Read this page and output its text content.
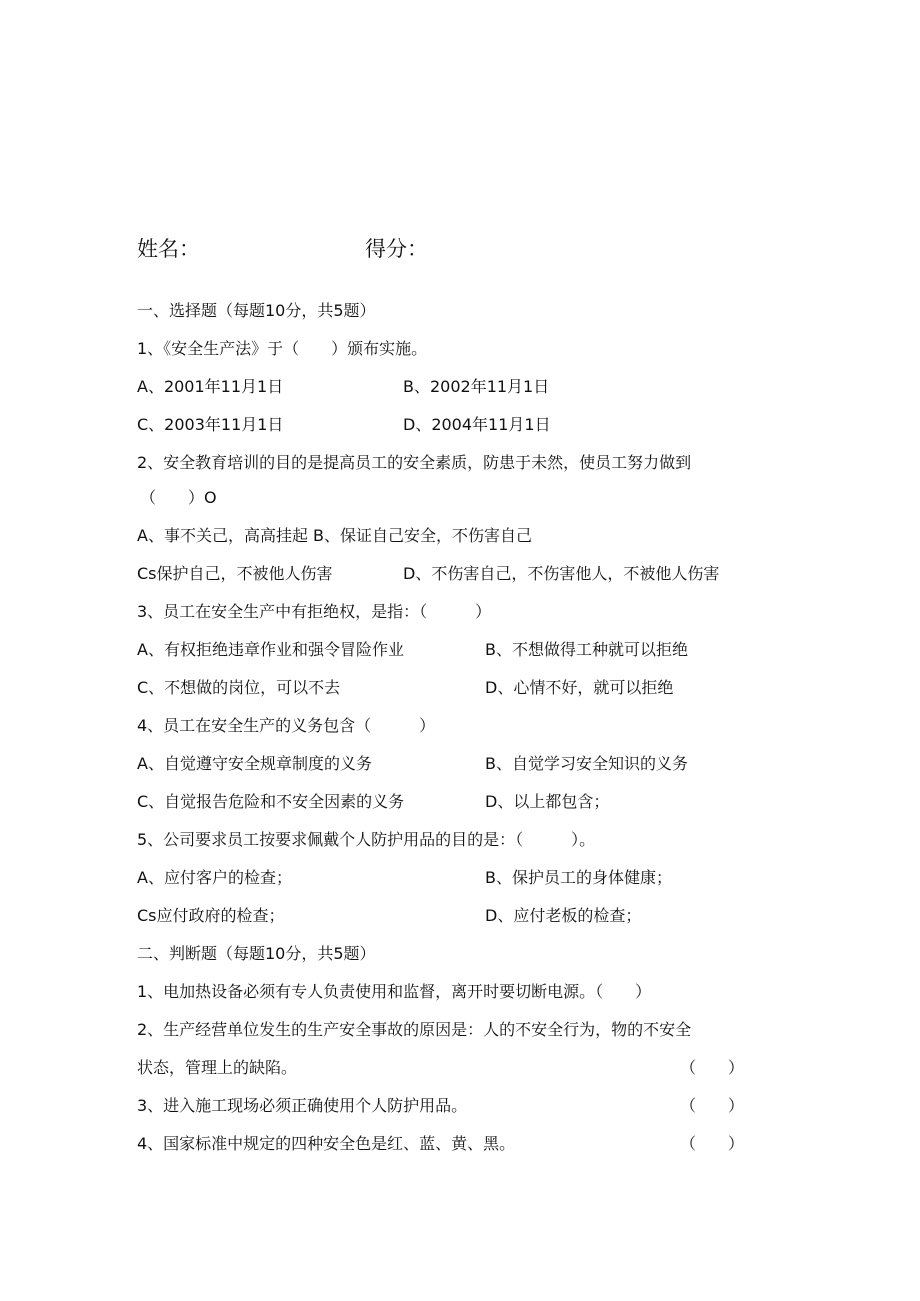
姓名：	得分：
一、选择题（每题10分，共5题）
1、《安全生产法》于（　　）颁布实施。
A、2001年11月1日	B、2002年11月1日
C、2003年11月1日	D、2004年11月1日
2、安全教育培训的目的是提高员工的安全素质，防患于未然，使员工努力做到
（　　）O
A、事不关己，高高挂起 B、保证自己安全，不伤害自己
Cs保护自己，不被他人伤害	D、不伤害自己，不伤害他人，不被他人伤害
3、员工在安全生产中有拒绝权，是指：（　　　）
A、有权拒绝违章作业和强令冒险作业	B、不想做得工种就可以拒绝
C、不想做的岗位，可以不去	D、心情不好，就可以拒绝
4、员工在安全生产的义务包含（　　　）
A、自觉遵守安全规章制度的义务	B、自觉学习安全知识的义务
C、自觉报告危险和不安全因素的义务	D、以上都包含；
5、公司要求员工按要求佩戴个人防护用品的目的是：（　　　）。
A、应付客户的检查；	B、保护员工的身体健康；
Cs应付政府的检查；	D、应付老板的检查；
二、判断题（每题10分，共5题）
1、电加热设备必须有专人负责使用和监督，离开时要切断电源。（　　）
2、生产经营单位发生的生产安全事故的原因是：人的不安全行为，物的不安全
状态，管理上的缺陷。	（　　）
3、进入施工现场必须正确使用个人防护用品。	（　　）
4、国家标准中规定的四种安全色是红、蓝、黄、黑。	（　　）
